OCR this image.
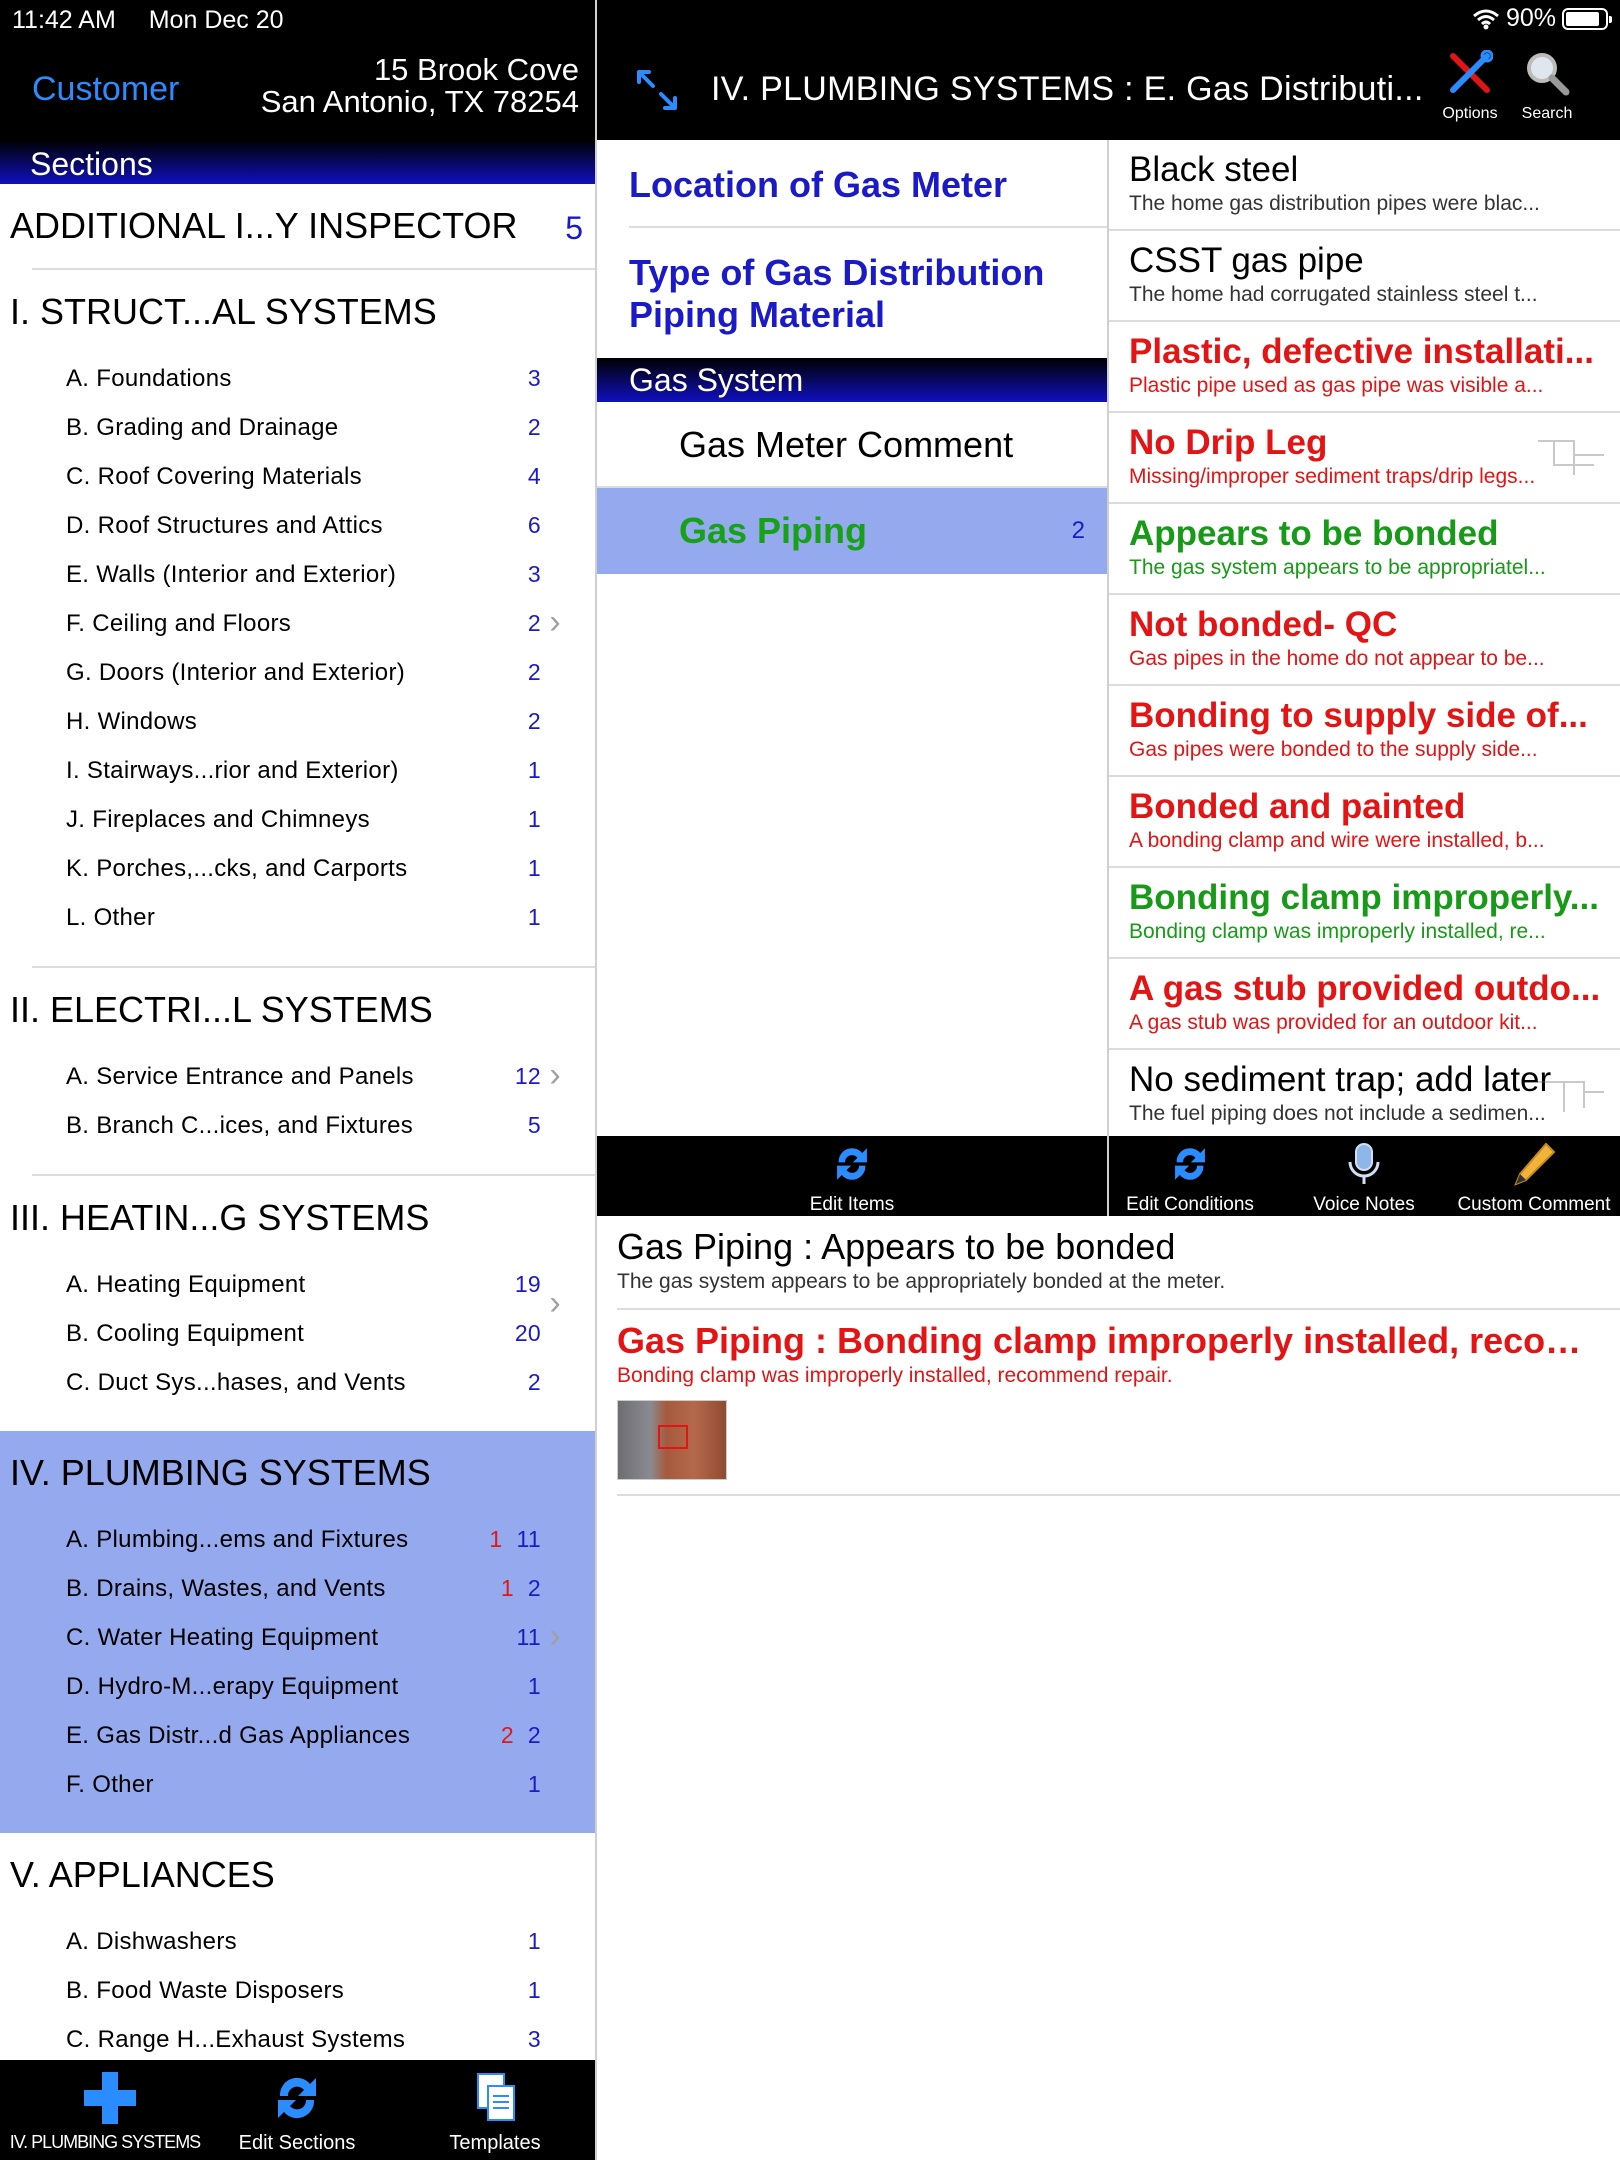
Customer
15 Brook Cove
San Antonio, TX 78254
Sections
11:42 AM Mon Dec 20	90%
IV. PLUMBING SYSTEMS : E. Gas Distributi...
Options	Search
ADDITIONAL I...Y INSPECTOR 5
I. STRUCT...AL SYSTEMS
A. Foundations	3
B. Grading and Drainage	2
C. Roof Covering Materials	4
D. Roof Structures and Attics	6
E. Walls (Interior and Exterior)	3
F. Ceiling and Floors	2 ›
G. Doors (Interior and Exterior)	2
H. Windows	2
I. Stairways...rior and Exterior)	1
J. Fireplaces and Chimneys	1
K. Porches,...cks, and Carports	1
L. Other	1
II. ELECTRI...L SYSTEMS
A. Service Entrance and Panels	12 ›
B. Branch C...ices, and Fixtures	5
III. HEATIN...G SYSTEMS
A. Heating Equipment	19 ›
B. Cooling Equipment	20
C. Duct Sys...hases, and Vents	2
IV. PLUMBING SYSTEMS
A. Plumbing...ems and Fixtures	1 11
B. Drains, Wastes, and Vents	1 2
C. Water Heating Equipment	11 ›
D. Hydro-M...erapy Equipment	1
E. Gas Distr...d Gas Appliances	2 2
F. Other	1
V. APPLIANCES
A. Dishwashers	1
B. Food Waste Disposers	1
C. Range H...Exhaust Systems	3
IV. PLUMBING SYSTEMS	Edit Sections	Templates
Location of Gas Meter
Type of Gas Distribution
Piping Material
Gas System
Gas Meter Comment
Gas Piping	2
Black steel
The home gas distribution pipes were blac...
CSST gas pipe
The home had corrugated stainless steel t...
Plastic, defective installati...
Plastic pipe used as gas pipe was visible a...
No Drip Leg
Missing/improper sediment traps/drip legs...
Appears to be bonded
The gas system appears to be appropriatel...
Not bonded- QC
Gas pipes in the home do not appear to be...
Bonding to supply side of...
Gas pipes were bonded to the supply side...
Bonded and painted
A bonding clamp and wire were installed, b...
Bonding clamp improperly...
Bonding clamp was improperly installed, re...
A gas stub provided outdo...
A gas stub was provided for an outdoor kit...
No sediment trap; add later
The fuel piping does not include a sedimen...
Edit Items	Edit Conditions	Voice Notes	Custom Comment
Gas Piping : Appears to be bonded
The gas system appears to be appropriately bonded at the meter.
Gas Piping : Bonding clamp improperly installed, recom...
Bonding clamp was improperly installed, recommend repair.
